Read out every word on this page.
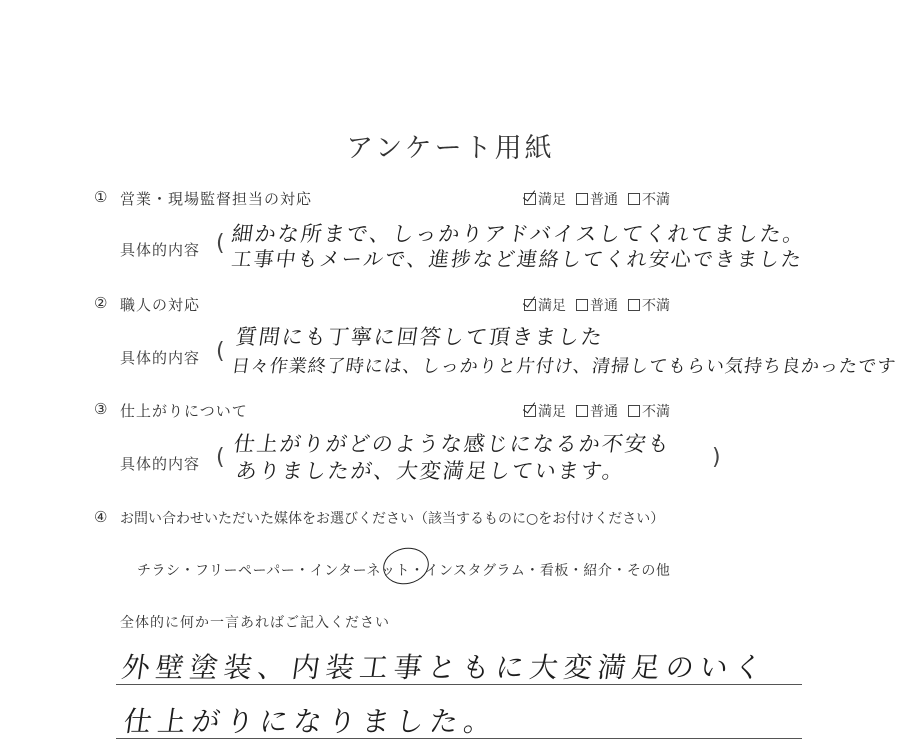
アンケート用紙
① 営業・現場監督担当の対応	満足 普通 不満
具体的内容 ( 細かな所まで、しっかりアドバイスしてくれてました。
工事中もメールで、進捗など連絡してくれ安心できました
② 職人の対応	満足 普通 不満
具体的内容 (
質問にも丁寧に回答して頂きました
日々作業終了時には、しっかりと片付け、清掃してもらい気持ち良かったです
③ 仕上がりについて	満足 普通 不満
具体的内容 (	)
仕上がりがどのような感じになるか不安も
ありましたが、大変満足しています。
④ お問い合わせいただいた媒体をお選びください（該当するものに○をお付けください）
チラシ・フリーペーパー・インターネット・インスタグラム・看板・紹介・その他
全体的に何か一言あればご記入ください
外壁塗装、内装工事ともに大変満足のいく
仕上がりになりました。
